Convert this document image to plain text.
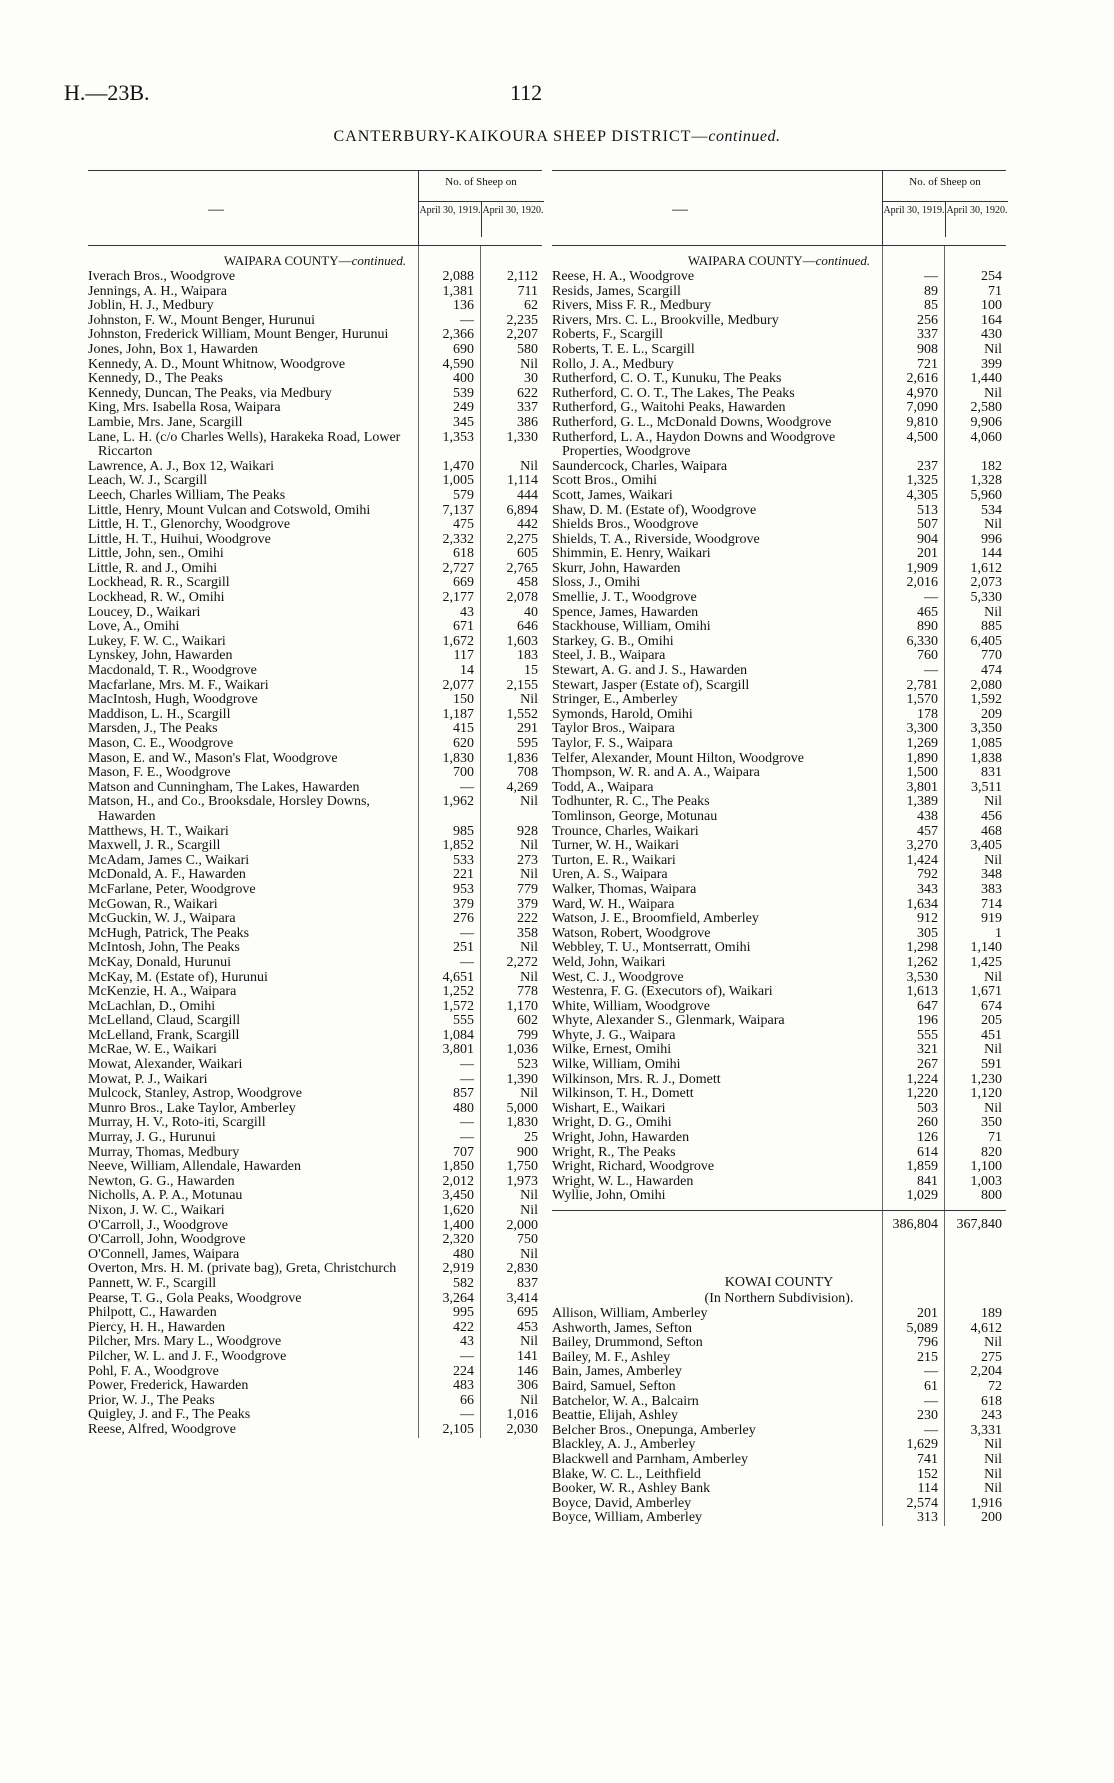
H.—23B.	112
CANTERBURY-KAIKOURA SHEEP DISTRICT—continued.
—
No. of Sheep on
April 30, 1919. April 30, 1920.
WAIPARA COUNTY—continued.
Iverach Bros., Woodgrove	2,088	2,112
Jennings, A. H., Waipara	1,381	711
Joblin, H. J., Medbury	136	62
Johnston, F. W., Mount Benger, Hurunui	—	2,235
Johnston, Frederick William, Mount Benger, Hurunui	2,366	2,207
Jones, John, Box 1, Hawarden	690	580
Kennedy, A. D., Mount Whitnow, Woodgrove	4,590	Nil
Kennedy, D., The Peaks	400	30
Kennedy, Duncan, The Peaks, via Medbury	539	622
King, Mrs. Isabella Rosa, Waipara	249	337
Lambie, Mrs. Jane, Scargill	345	386
Lane, L. H. (c/o Charles Wells), Harakeka Road, Lower Riccarton
1,353	1,330
Lawrence, A. J., Box 12, Waikari	1,470	Nil
Leach, W. J., Scargill	1,005	1,114
Leech, Charles William, The Peaks	579	444
Little, Henry, Mount Vulcan and Cotswold, Omihi	7,137	6,894
Little, H. T., Glenorchy, Woodgrove	475	442
Little, H. T., Huihui, Woodgrove	2,332	2,275
Little, John, sen., Omihi	618	605
Little, R. and J., Omihi	2,727	2,765
Lockhead, R. R., Scargill	669	458
Lockhead, R. W., Omihi	2,177	2,078
Loucey, D., Waikari	43	40
Love, A., Omihi	671	646
Lukey, F. W. C., Waikari	1,672	1,603
Lynskey, John, Hawarden	117	183
Macdonald, T. R., Woodgrove	14	15
Macfarlane, Mrs. M. F., Waikari	2,077	2,155
MacIntosh, Hugh, Woodgrove	150	Nil
Maddison, L. H., Scargill	1,187	1,552
Marsden, J., The Peaks	415	291
Mason, C. E., Woodgrove	620	595
Mason, E. and W., Mason's Flat, Woodgrove	1,830	1,836
Mason, F. E., Woodgrove	700	708
Matson and Cunningham, The Lakes, Hawarden	—	4,269
Matson, H., and Co., Brooksdale, Horsley Downs, Hawarden
1,962	Nil
Matthews, H. T., Waikari	985	928
Maxwell, J. R., Scargill	1,852	Nil
McAdam, James C., Waikari	533	273
McDonald, A. F., Hawarden	221	Nil
McFarlane, Peter, Woodgrove	953	779
McGowan, R., Waikari	379	379
McGuckin, W. J., Waipara	276	222
McHugh, Patrick, The Peaks	—	358
McIntosh, John, The Peaks	251	Nil
McKay, Donald, Hurunui	—	2,272
McKay, M. (Estate of), Hurunui	4,651	Nil
McKenzie, H. A., Waipara	1,252	778
McLachlan, D., Omihi	1,572	1,170
McLelland, Claud, Scargill	555	602
McLelland, Frank, Scargill	1,084	799
McRae, W. E., Waikari	3,801	1,036
Mowat, Alexander, Waikari	—	523
Mowat, P. J., Waikari	—	1,390
Mulcock, Stanley, Astrop, Woodgrove	857	Nil
Munro Bros., Lake Taylor, Amberley	480	5,000
Murray, H. V., Roto-iti, Scargill	—	1,830
Murray, J. G., Hurunui	—	25
Murray, Thomas, Medbury	707	900
Neeve, William, Allendale, Hawarden	1,850	1,750
Newton, G. G., Hawarden	2,012	1,973
Nicholls, A. P. A., Motunau	3,450	Nil
Nixon, J. W. C., Waikari	1,620	Nil
O'Carroll, J., Woodgrove	1,400	2,000
O'Carroll, John, Woodgrove	2,320	750
O'Connell, James, Waipara	480	Nil
Overton, Mrs. H. M. (private bag), Greta, Christchurch	2,919	2,830
Pannett, W. F., Scargill	582	837
Pearse, T. G., Gola Peaks, Woodgrove	3,264	3,414
Philpott, C., Hawarden	995	695
Piercy, H. H., Hawarden	422	453
Pilcher, Mrs. Mary L., Woodgrove	43	Nil
Pilcher, W. L. and J. F., Woodgrove	—	141
Pohl, F. A., Woodgrove	224	146
Power, Frederick, Hawarden	483	306
Prior, W. J., The Peaks	66	Nil
Quigley, J. and F., The Peaks	—	1,016
Reese, Alfred, Woodgrove	2,105	2,030
—
No. of Sheep on
April 30, 1919. April 30, 1920.
WAIPARA COUNTY—continued.
Reese, H. A., Woodgrove	—	254
Resids, James, Scargill	89	71
Rivers, Miss F. R., Medbury	85	100
Rivers, Mrs. C. L., Brookville, Medbury	256	164
Roberts, F., Scargill	337	430
Roberts, T. E. L., Scargill	908	Nil
Rollo, J. A., Medbury	721	399
Rutherford, C. O. T., Kunuku, The Peaks	2,616	1,440
Rutherford, C. O. T., The Lakes, The Peaks	4,970	Nil
Rutherford, G., Waitohi Peaks, Hawarden	7,090	2,580
Rutherford, G. L., McDonald Downs, Woodgrove	9,810	9,906
Rutherford, L. A., Haydon Downs and Woodgrove Properties, Woodgrove
4,500	4,060
Saundercock, Charles, Waipara	237	182
Scott Bros., Omihi	1,325	1,328
Scott, James, Waikari	4,305	5,960
Shaw, D. M. (Estate of), Woodgrove	513	534
Shields Bros., Woodgrove	507	Nil
Shields, T. A., Riverside, Woodgrove	904	996
Shimmin, E. Henry, Waikari	201	144
Skurr, John, Hawarden	1,909	1,612
Sloss, J., Omihi	2,016	2,073
Smellie, J. T., Woodgrove	—	5,330
Spence, James, Hawarden	465	Nil
Stackhouse, William, Omihi	890	885
Starkey, G. B., Omihi	6,330	6,405
Steel, J. B., Waipara	760	770
Stewart, A. G. and J. S., Hawarden	—	474
Stewart, Jasper (Estate of), Scargill	2,781	2,080
Stringer, E., Amberley	1,570	1,592
Symonds, Harold, Omihi	178	209
Taylor Bros., Waipara	3,300	3,350
Taylor, F. S., Waipara	1,269	1,085
Telfer, Alexander, Mount Hilton, Woodgrove	1,890	1,838
Thompson, W. R. and A. A., Waipara	1,500	831
Todd, A., Waipara	3,801	3,511
Todhunter, R. C., The Peaks	1,389	Nil
Tomlinson, George, Motunau	438	456
Trounce, Charles, Waikari	457	468
Turner, W. H., Waikari	3,270	3,405
Turton, E. R., Waikari	1,424	Nil
Uren, A. S., Waipara	792	348
Walker, Thomas, Waipara	343	383
Ward, W. H., Waipara	1,634	714
Watson, J. E., Broomfield, Amberley	912	919
Watson, Robert, Woodgrove	305	1
Webbley, T. U., Montserratt, Omihi	1,298	1,140
Weld, John, Waikari	1,262	1,425
West, C. J., Woodgrove	3,530	Nil
Westenra, F. G. (Executors of), Waikari	1,613	1,671
White, William, Woodgrove	647	674
Whyte, Alexander S., Glenmark, Waipara	196	205
Whyte, J. G., Waipara	555	451
Wilke, Ernest, Omihi	321	Nil
Wilke, William, Omihi	267	591
Wilkinson, Mrs. R. J., Domett	1,224	1,230
Wilkinson, T. H., Domett	1,220	1,120
Wishart, E., Waikari	503	Nil
Wright, D. G., Omihi	260	350
Wright, John, Hawarden	126	71
Wright, R., The Peaks	614	820
Wright, Richard, Woodgrove	1,859	1,100
Wright, W. L., Hawarden	841	1,003
Wyllie, John, Omihi	1,029	800
386,804	367,840
KOWAI COUNTY
(In Northern Subdivision).
Allison, William, Amberley	201	189
Ashworth, James, Sefton	5,089	4,612
Bailey, Drummond, Sefton	796	Nil
Bailey, M. F., Ashley	215	275
Bain, James, Amberley	—	2,204
Baird, Samuel, Sefton	61	72
Batchelor, W. A., Balcairn	—	618
Beattie, Elijah, Ashley	230	243
Belcher Bros., Onepunga, Amberley	—	3,331
Blackley, A. J., Amberley	1,629	Nil
Blackwell and Parnham, Amberley	741	Nil
Blake, W. C. L., Leithfield	152	Nil
Booker, W. R., Ashley Bank	114	Nil
Boyce, David, Amberley	2,574	1,916
Boyce, William, Amberley	313	200
